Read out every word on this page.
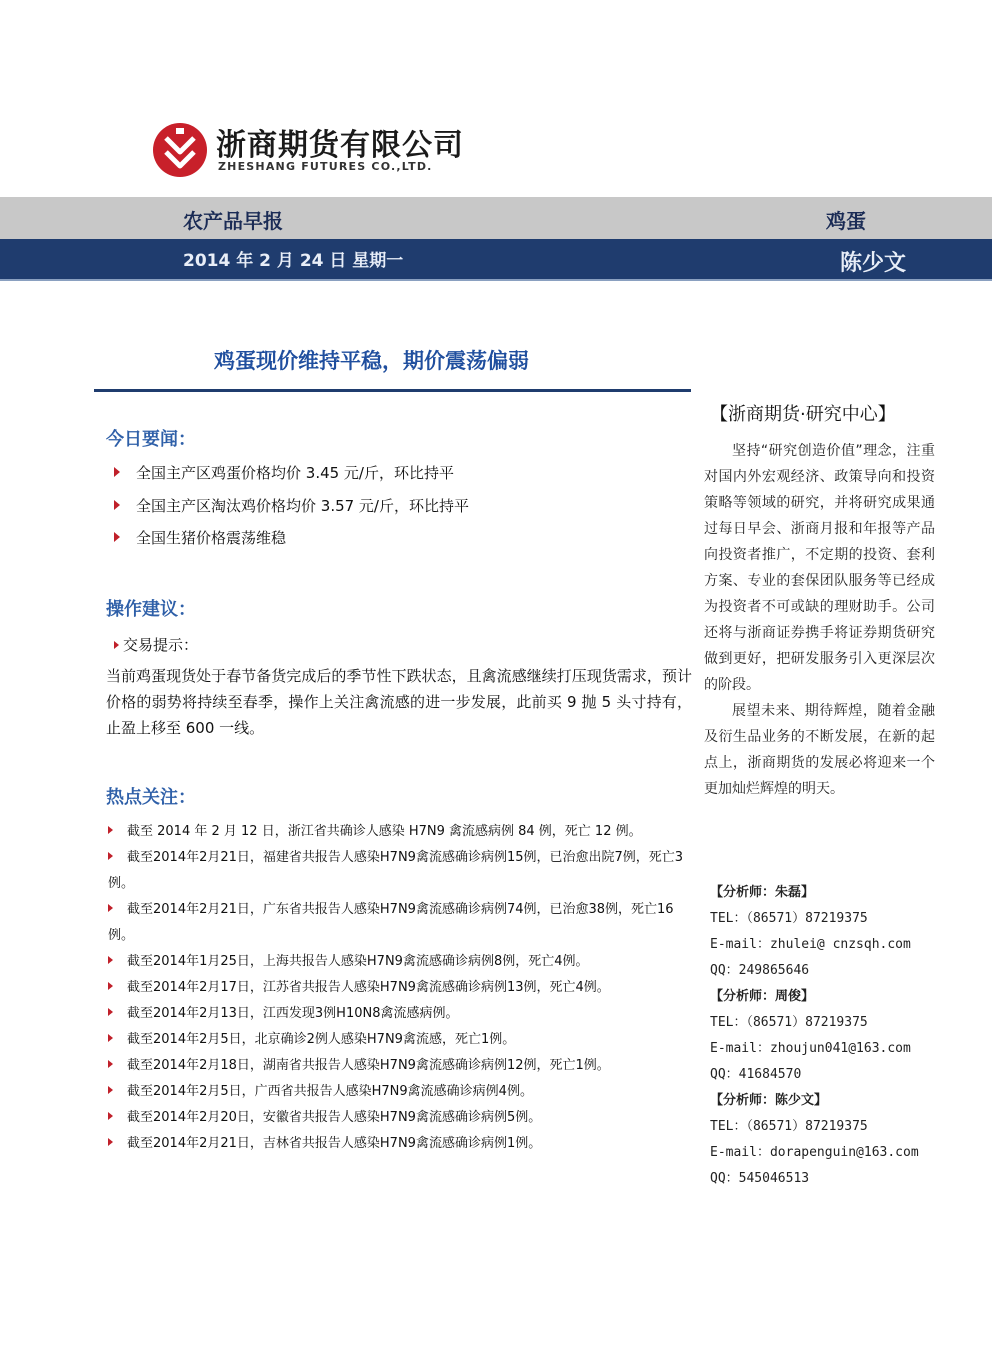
浙商期货有限公司
ZHESHANG FUTURES CO.,LTD.
农产品早报	鸡蛋
2014 年 2 月 24 日 星期一	陈少文
鸡蛋现价维持平稳，期价震荡偏弱
今日要闻：
全国主产区鸡蛋价格均价 3.45 元/斤，环比持平
全国主产区淘汰鸡价格均价 3.57 元/斤，环比持平
全国生猪价格震荡维稳
操作建议：
交易提示：
当前鸡蛋现货处于春节备货完成后的季节性下跌状态，且禽流感继续打压现货需求，预计价格的弱势将持续至春季，操作上关注禽流感的进一步发展，此前买 9 抛 5 头寸持有，止盈上移至 600 一线。
热点关注：
截至 2014 年 2 月 12 日，浙江省共确诊人感染 H7N9 禽流感病例 84 例，死亡 12 例。
截至2014年2月21日，福建省共报告人感染H7N9禽流感确诊病例15例，已治愈出院7例，死亡3例。
截至2014年2月21日，广东省共报告人感染H7N9禽流感确诊病例74例，已治愈38例，死亡16例。
截至2014年1月25日，上海共报告人感染H7N9禽流感确诊病例8例，死亡4例。
截至2014年2月17日，江苏省共报告人感染H7N9禽流感确诊病例13例，死亡4例。
截至2014年2月13日，江西发现3例H10N8禽流感病例。
截至2014年2月5日，北京确诊2例人感染H7N9禽流感，死亡1例。
截至2014年2月18日，湖南省共报告人感染H7N9禽流感确诊病例12例，死亡1例。
截至2014年2月5日，广西省共报告人感染H7N9禽流感确诊病例4例。
截至2014年2月20日，安徽省共报告人感染H7N9禽流感确诊病例5例。
截至2014年2月21日，吉林省共报告人感染H7N9禽流感确诊病例1例。
【浙商期货·研究中心】

坚持“研究创造价值”理念，注重对国内外宏观经济、政策导向和投资策略等领域的研究，并将研究成果通过每日早会、浙商月报和年报等产品向投资者推广，不定期的投资、套利方案、专业的套保团队服务等已经成为投资者不可或缺的理财助手。公司还将与浙商证券携手将证券期货研究做到更好，把研发服务引入更深层次的阶段。

展望未来、期待辉煌，随着金融及衍生品业务的不断发展，在新的起点上，浙商期货的发展必将迎来一个更加灿烂辉煌的明天。

【分析师：朱磊】
TEL：（86571）87219375
E-mail：zhulei@ cnzsqh.com
QQ：249865646
【分析师：周俊】
TEL：（86571）87219375
E-mail：zhoujun041@163.com
QQ：41684570
【分析师：陈少文】
TEL：（86571）87219375
E-mail：dorapenguin@163.com
QQ：545046513
